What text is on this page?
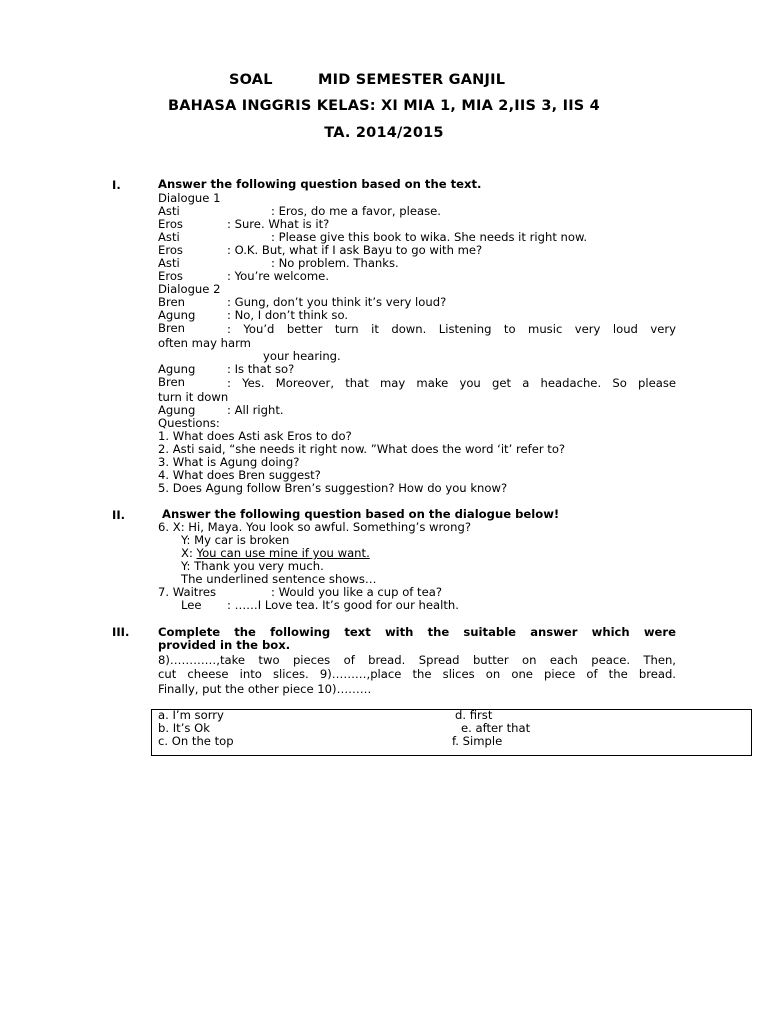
SOAL	MID SEMESTER GANJIL
BAHASA INGGRIS KELAS: XI MIA 1, MIA 2,IIS 3, IIS 4
TA. 2014/2015
I.	Answer the following question based on the text.
Dialogue 1
Asti	: Eros, do me a favor, please.
Eros	: Sure. What is it?
Asti	: Please give this book to wika. She needs it right now.
Eros	: O.K. But, what if I ask Bayu to go with me?
Asti	: No problem. Thanks.
Eros	: You’re welcome.
Dialogue 2
Bren	: Gung, don’t you think it’s very loud?
Agung	: No, I don’t think so.
Bren	: You’d better turn it down. Listening to music very loud very
often may harm
your hearing.
Agung	: Is that so?
Bren	: Yes. Moreover, that may make you get a headache. So please
turn it down
Agung	: All right.
Questions:
1. What does Asti ask Eros to do?
2. Asti said, “she needs it right now. ”What does the word ‘it’ refer to?
3. What is Agung doing?
4. What does Bren suggest?
5. Does Agung follow Bren’s suggestion? How do you know?
II.	Answer the following question based on the dialogue below!
6. X: Hi, Maya. You look so awful. Something’s wrong?
Y: My car is broken
X: You can use mine if you want.
Y: Thank you very much.
The underlined sentence shows…
7. Waitres	: Would you like a cup of tea?
Lee : ……I Love tea. It’s good for our health.
III. Complete the following text with the suitable answer which were
provided in the box.
8)…………,take two pieces of bread. Spread butter on each peace. Then,
cut cheese into slices. 9)………,place the slices on one piece of the bread.
Finally, put the other piece 10)………
a. I’m sorry
b. It’s Ok
c. On the top
d. first
e. after that
f. Simple
